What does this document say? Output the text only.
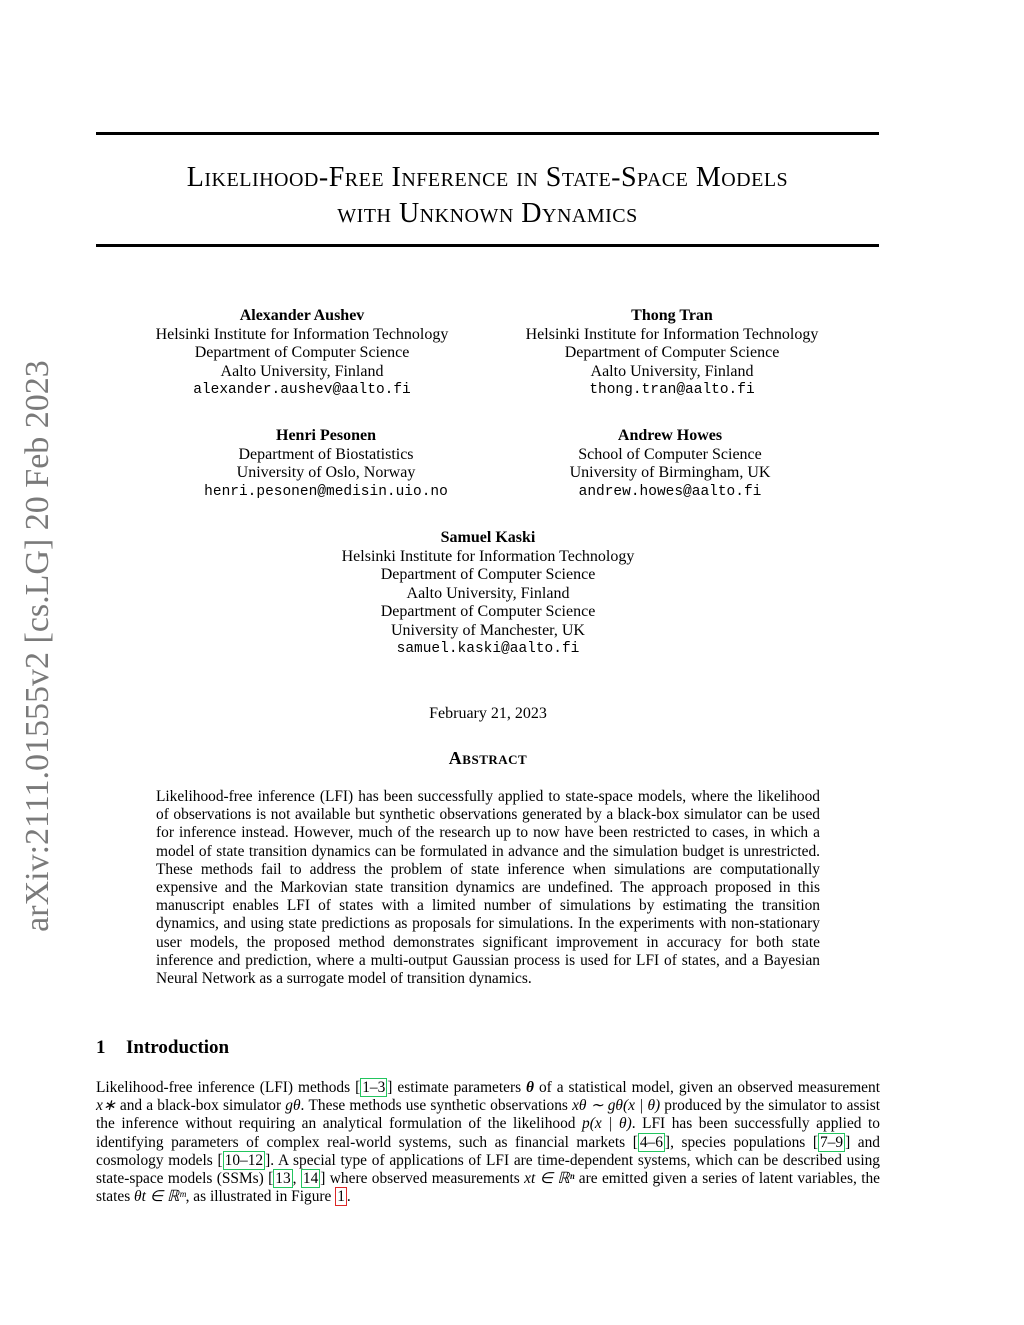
Likelihood-Free Inference in State-Space Models
with Unknown Dynamics
arXiv:2111.01555v2 [cs.LG] 20 Feb 2023
Alexander Aushev
Helsinki Institute for Information Technology
Department of Computer Science
Aalto University, Finland
alexander.aushev@aalto.fi
Thong Tran
Helsinki Institute for Information Technology
Department of Computer Science
Aalto University, Finland
thong.tran@aalto.fi
Henri Pesonen
Department of Biostatistics
University of Oslo, Norway
henri.pesonen@medisin.uio.no
Andrew Howes
School of Computer Science
University of Birmingham, UK
andrew.howes@aalto.fi
Samuel Kaski
Helsinki Institute for Information Technology
Department of Computer Science
Aalto University, Finland
Department of Computer Science
University of Manchester, UK
samuel.kaski@aalto.fi
February 21, 2023
Abstract
Likelihood-free inference (LFI) has been successfully applied to state-space models, where the likelihood of observations is not available but synthetic observations generated by a black-box simulator can be used for inference instead. However, much of the research up to now have been restricted to cases, in which a model of state transition dynamics can be formulated in advance and the simulation budget is unrestricted. These methods fail to address the problem of state inference when simulations are computationally expensive and the Markovian state transition dynamics are undefined. The approach proposed in this manuscript enables LFI of states with a limited number of simulations by estimating the transition dynamics, and using state predictions as proposals for simulations. In the experiments with non-stationary user models, the proposed method demonstrates significant improvement in accuracy for both state inference and prediction, where a multi-output Gaussian process is used for LFI of states, and a Bayesian Neural Network as a surrogate model of transition dynamics.
1 Introduction
Likelihood-free inference (LFI) methods [ 1–3 ] estimate parameters θ of a statistical model, given an observed measurement x∗ and a black-box simulator gθ. These methods use synthetic observations xθ ∼ gθ(x | θ) produced by the simulator to assist the inference without requiring an analytical formulation of the likelihood p(x | θ). LFI has been successfully applied to identifying parameters of complex real-world systems, such as financial markets [ 4–6 ], species populations [ 7–9 ] and cosmology models [ 10–12 ]. A special type of applications of LFI are time-dependent systems, which can be described using state-space models (SSMs) [ 13 , 14 ] where observed measurements xt ∈ ℝⁿ are emitted given a series of latent variables, the states θt ∈ ℝᵐ, as illustrated in Figure 1 .
